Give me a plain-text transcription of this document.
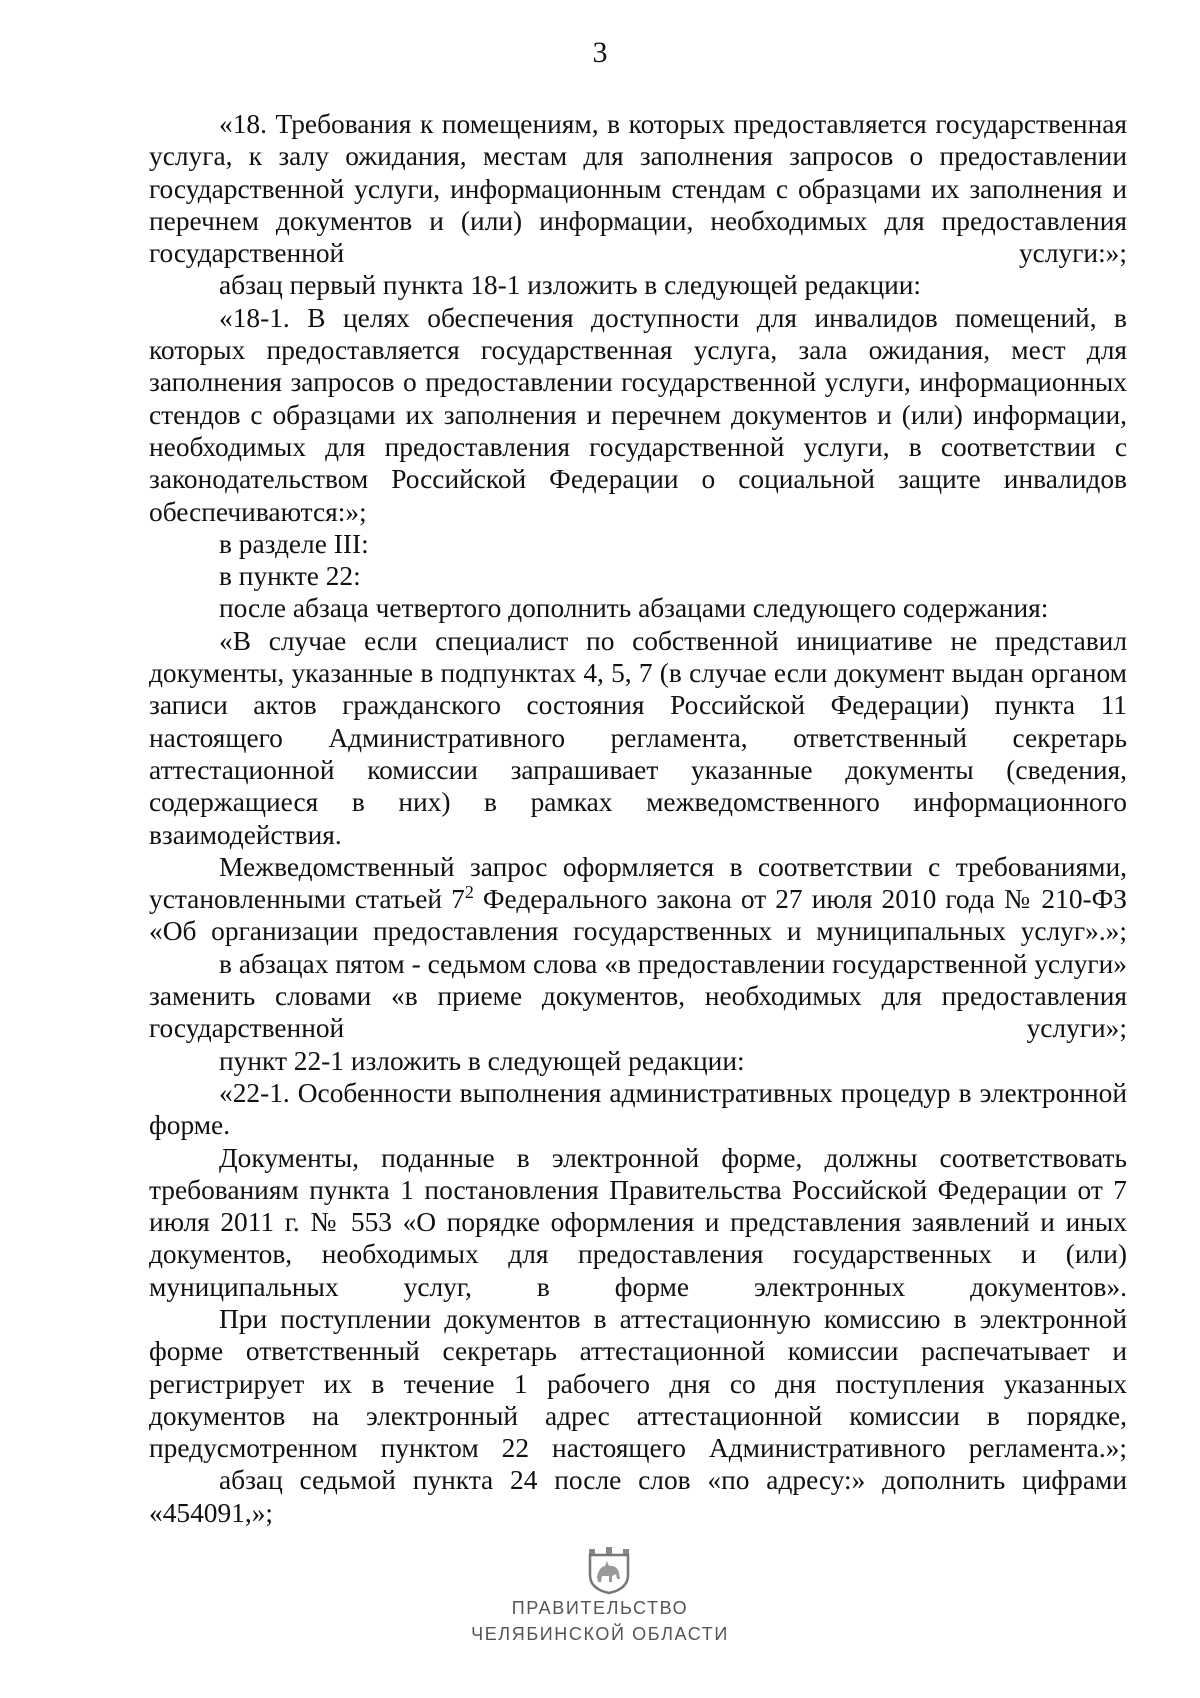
3

«18. Требования к помещениям, в которых предоставляется государственная услуга, к залу ожидания, местам для заполнения запросов о предоставлении государственной услуги, информационным стендам с образцами их заполнения и перечнем документов и (или) информации, необходимых для предоставления государственной услуги:»;

абзац первый пункта 18-1 изложить в следующей редакции:

«18-1. В целях обеспечения доступности для инвалидов помещений, в которых предоставляется государственная услуга, зала ожидания, мест для заполнения запросов о предоставлении государственной услуги, информационных стендов с образцами их заполнения и перечнем документов и (или) информации, необходимых для предоставления государственной услуги, в соответствии с законодательством Российской Федерации о социальной защите инвалидов обеспечиваются:»;

в разделе III:

в пункте 22:

после абзаца четвертого дополнить абзацами следующего содержания:

«В случае если специалист по собственной инициативе не представил документы, указанные в подпунктах 4, 5, 7 (в случае если документ выдан органом записи актов гражданского состояния Российской Федерации) пункта 11 настоящего Административного регламента, ответственный секретарь аттестационной комиссии запрашивает указанные документы (сведения, содержащиеся в них) в рамках межведомственного информационного взаимодействия.

Межведомственный запрос оформляется в соответствии с требованиями, установленными статьей $7^2$ Федерального закона от 27 июля 2010 года № 210-ФЗ «Об организации предоставления государственных и муниципальных услуг».»;

в абзацах пятом - седьмом слова «в предоставлении государственной услуги» заменить словами «в приеме документов, необходимых для предоставления государственной услуги»;

пункт 22-1 изложить в следующей редакции:

«22-1. Особенности выполнения административных процедур в электронной форме.

Документы, поданные в электронной форме, должны соответствовать требованиям пункта 1 постановления Правительства Российской Федерации от 7 июля 2011 г. № 553 «О порядке оформления и представления заявлений и иных документов, необходимых для предоставления государственных и (или) муниципальных услуг, в форме электронных документов».

При поступлении документов в аттестационную комиссию в электронной форме ответственный секретарь аттестационной комиссии распечатывает и регистрирует их в течение 1 рабочего дня со дня поступления указанных документов на электронный адрес аттестационной комиссии в порядке, предусмотренном пунктом 22 настоящего Административного регламента.»;

абзац седьмой пункта 24 после слов «по адресу:» дополнить цифрами «454091,»;

ПРАВИТЕЛЬСТВО
ЧЕЛЯБИНСКОЙ ОБЛАСТИ
